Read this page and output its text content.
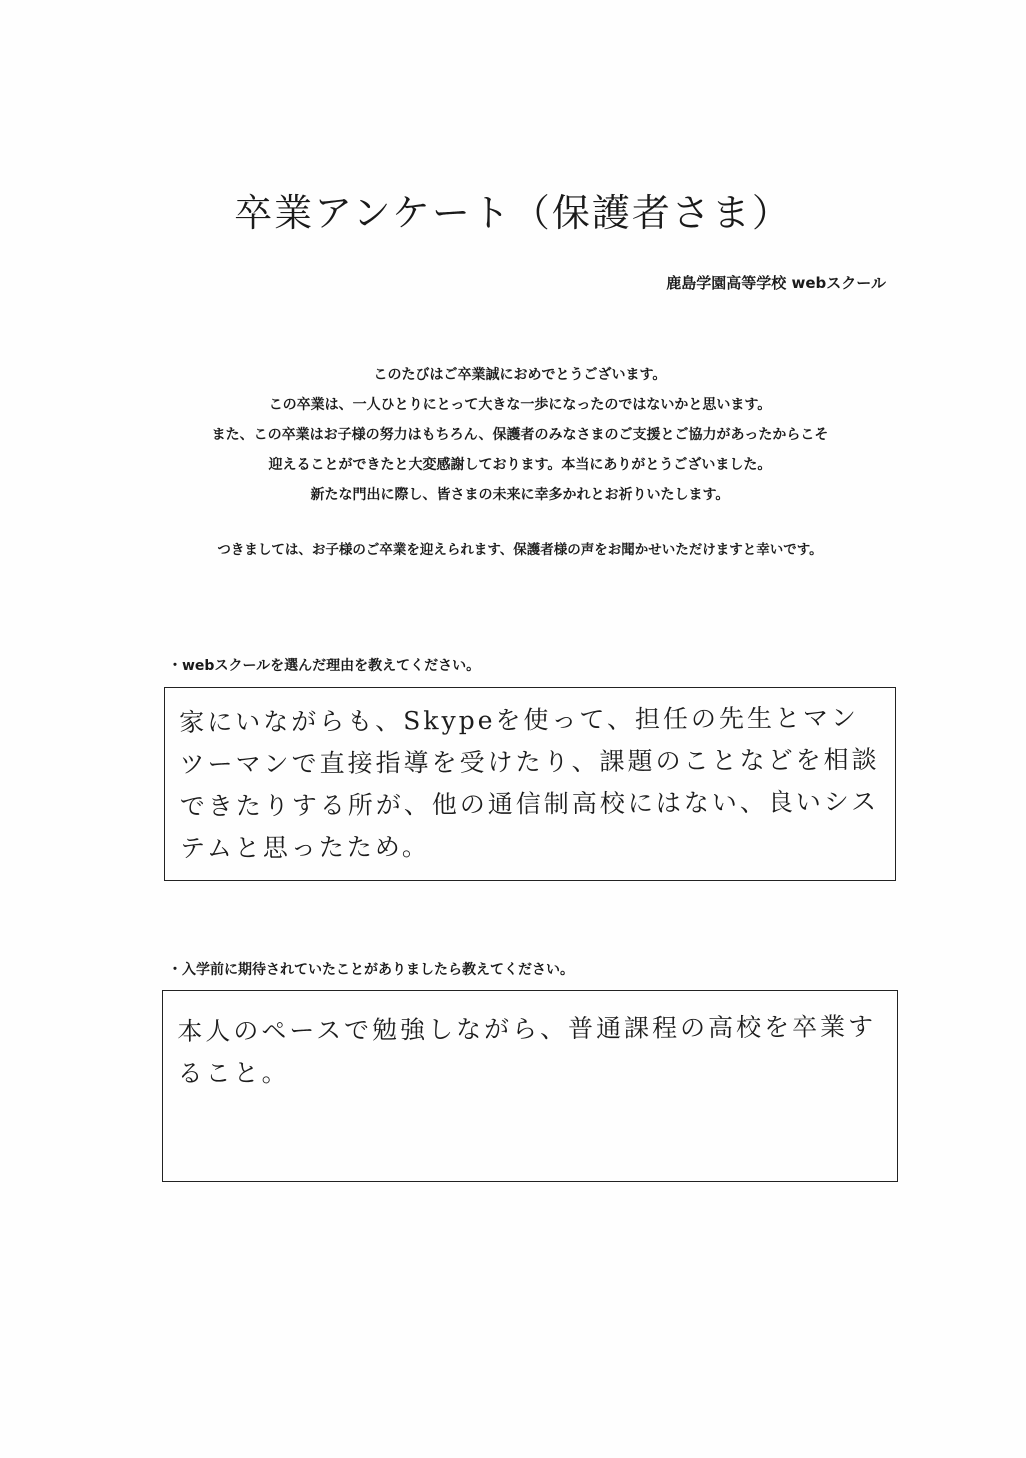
卒業アンケート（保護者さま）
鹿島学園高等学校 webスクール

このたびはご卒業誠におめでとうございます。

この卒業は、一人ひとりにとって大きな一歩になったのではないかと思います。

また、この卒業はお子様の努力はもちろん、保護者のみなさまのご支援とご協力があったからこそ

迎えることができたと大変感謝しております。本当にありがとうございました。

新たな門出に際し、皆さまの未来に幸多かれとお祈りいたします。

つきましては、お子様のご卒業を迎えられます、保護者様の声をお聞かせいただけますと幸いです。
・webスクールを選んだ理由を教えてください。
家にいながらも、Skypeを使って、担任の先生とマンツーマンで直接指導を受けたり、課題のことなどを相談できたりする所が、他の通信制高校にはない、良いシステムと思ったため。
・入学前に期待されていたことがありましたら教えてください。
本人のペースで勉強しながら、普通課程の高校を卒業すること。
